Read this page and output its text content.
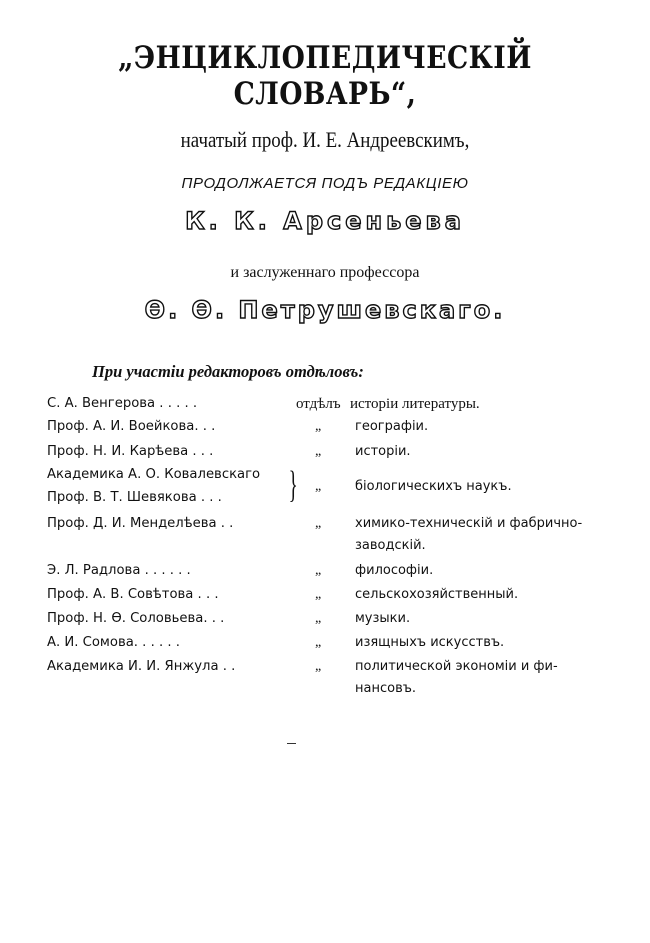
„ЭНЦИКЛОПЕДИЧЕСКІЙ СЛОВАРЬ“,
начатый проф. И. Е. Андреевскимъ,
ПРОДОЛЖАЕТСЯ ПОДЪ РЕДАКЦІЕЮ
К. К. Арсеньева
и заслуженнаго профессора
Ѳ. Ѳ. Петрушевскаго.
При участіи редакторовъ отдѣловъ:
С. А. Венгерова . . . . .	отдѣлъ исторіи литературы.
Проф. А. И. Воейкова. . .	„	географіи.
Проф. Н. И. Карѣева . . .	„	исторіи.
Академика А. О. Ковалевскаго
Проф. В. Т. Шевякова . . . } „	біологическихъ наукъ.
Проф. Д. И. Менделѣева . .	„	химико-техническій и фабрично-
заводскій.
Э. Л. Радлова . . . . . .	„	философіи.
Проф. А. В. Совѣтова . . .	„	сельскохозяйственный.
Проф. Н. Ѳ. Соловьева. . .	„	музыки.
А. И. Сомова. . . . . .	„	изящныхъ искусствъ.
Академика И. И. Янжула . .	„	политической экономіи и фи-
нансовъ.
